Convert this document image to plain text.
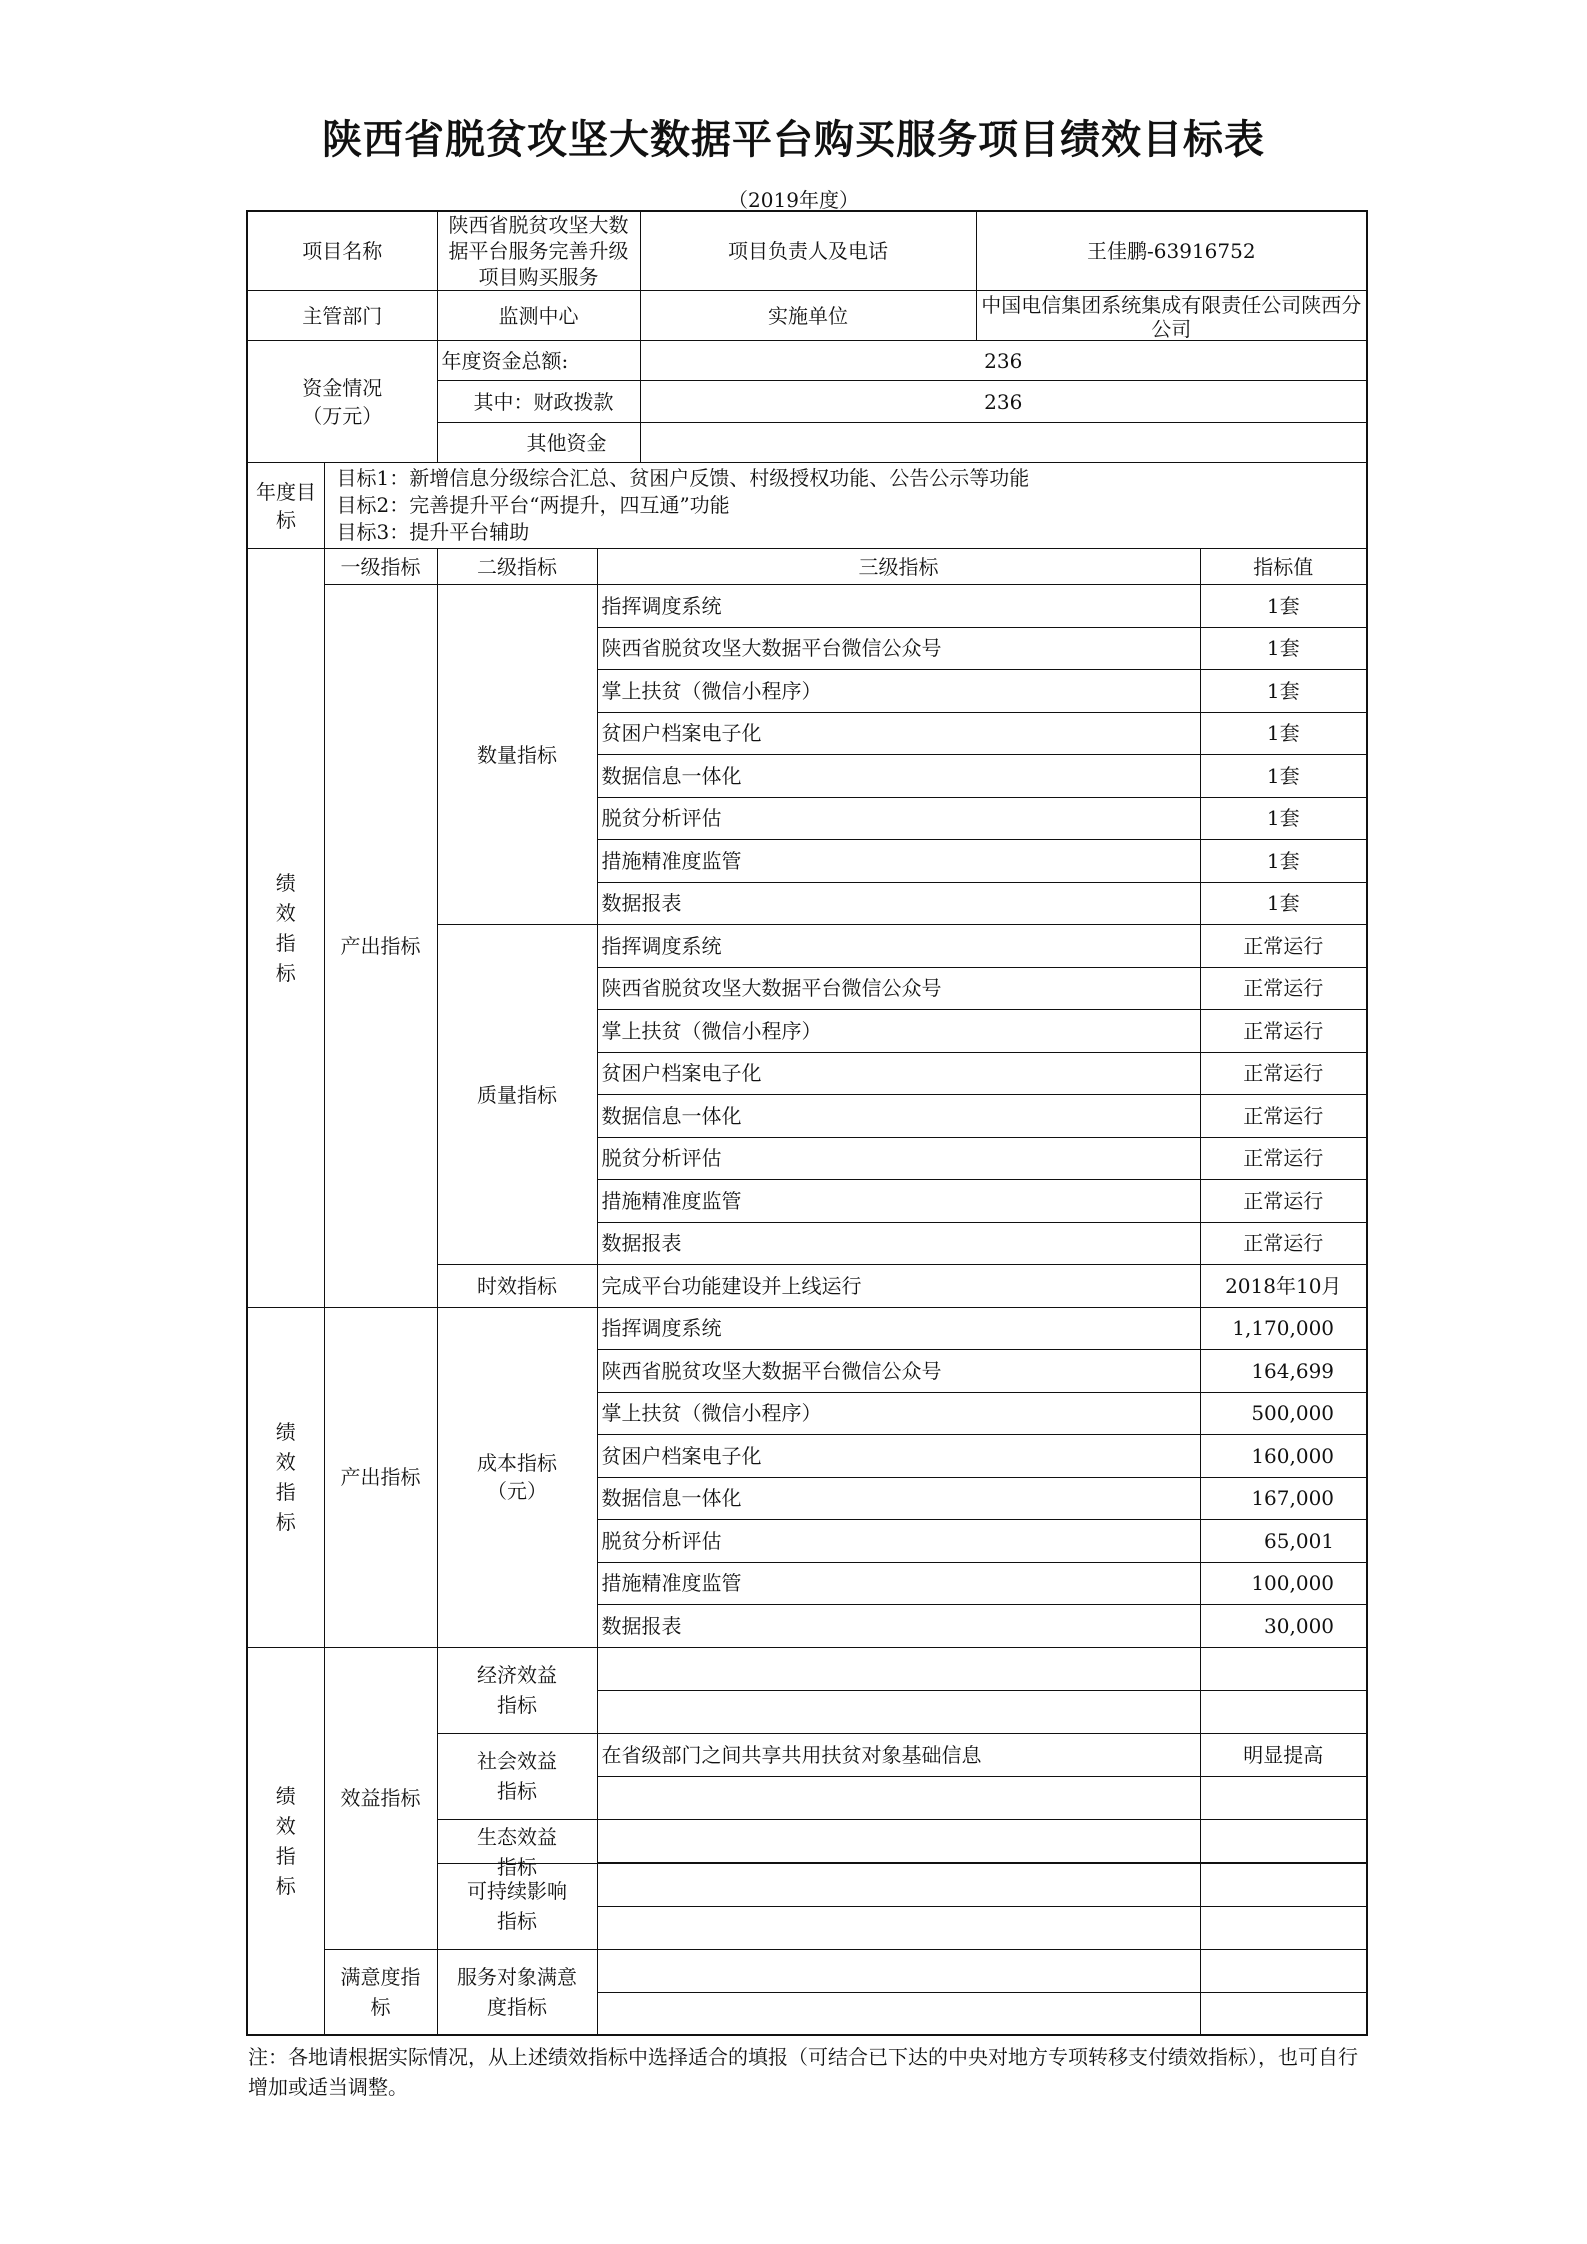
陕西省脱贫攻坚大数据平台购买服务项目绩效目标表
（2019年度）
项目名称		陕西省脱贫攻坚大数据平台服务完善升级项目购买服务		项目负责人及电话	王佳鹏-63916752	
主管部门		监测中心		实施单位	中国电信集团系统集成有限责任公司陕西分公司	

资金情况（万元）		年度资金总额:		236		
		其中：财政拨款		236		
		其他资金				

年度目标	目标1：新增信息分级综合汇总、贫困户反馈、村级授权功能、公告公示等功能
目标2：完善提升平台“两提升，四互通”功能
目标3：提升平台辅助					

绩效指标	一级指标	二级指标	三级指标			指标值
	产出指标	数量指标	指挥调度系统			1套
			陕西省脱贫攻坚大数据平台微信公众号			1套
			掌上扶贫（微信小程序）			1套
			贫困户档案电子化			1套
			数据信息一体化			1套
			脱贫分析评估			1套
			措施精准度监管			1套
			数据报表			1套
		质量指标	指挥调度系统			正常运行
			陕西省脱贫攻坚大数据平台微信公众号			正常运行
			掌上扶贫（微信小程序）			正常运行
			贫困户档案电子化			正常运行
			数据信息一体化			正常运行
			脱贫分析评估			正常运行
			措施精准度监管			正常运行
			数据报表			正常运行
		时效指标	完成平台功能建设并上线运行			2018年10月

绩效指标	产出指标	成本指标（元）	指挥调度系统			1,170,000
			陕西省脱贫攻坚大数据平台微信公众号			164,699
			掌上扶贫（微信小程序）			500,000
			贫困户档案电子化			160,000
			数据信息一体化			167,000
			脱贫分析评估			65,001
			措施精准度监管			100,000
			数据报表			30,000

绩效指标	效益指标	经济效益指标				

		社会效益指标	在省级部门之间共享共用扶贫对象基础信息			明显提高

		生态效益指标				

		可持续影响指标				

	满意度指标	服务对象满意度指标				

注：各地请根据实际情况，从上述绩效指标中选择适合的填报（可结合已下达的中央对地方专项转移支付绩效指标），也可自行增加或适当调整。
